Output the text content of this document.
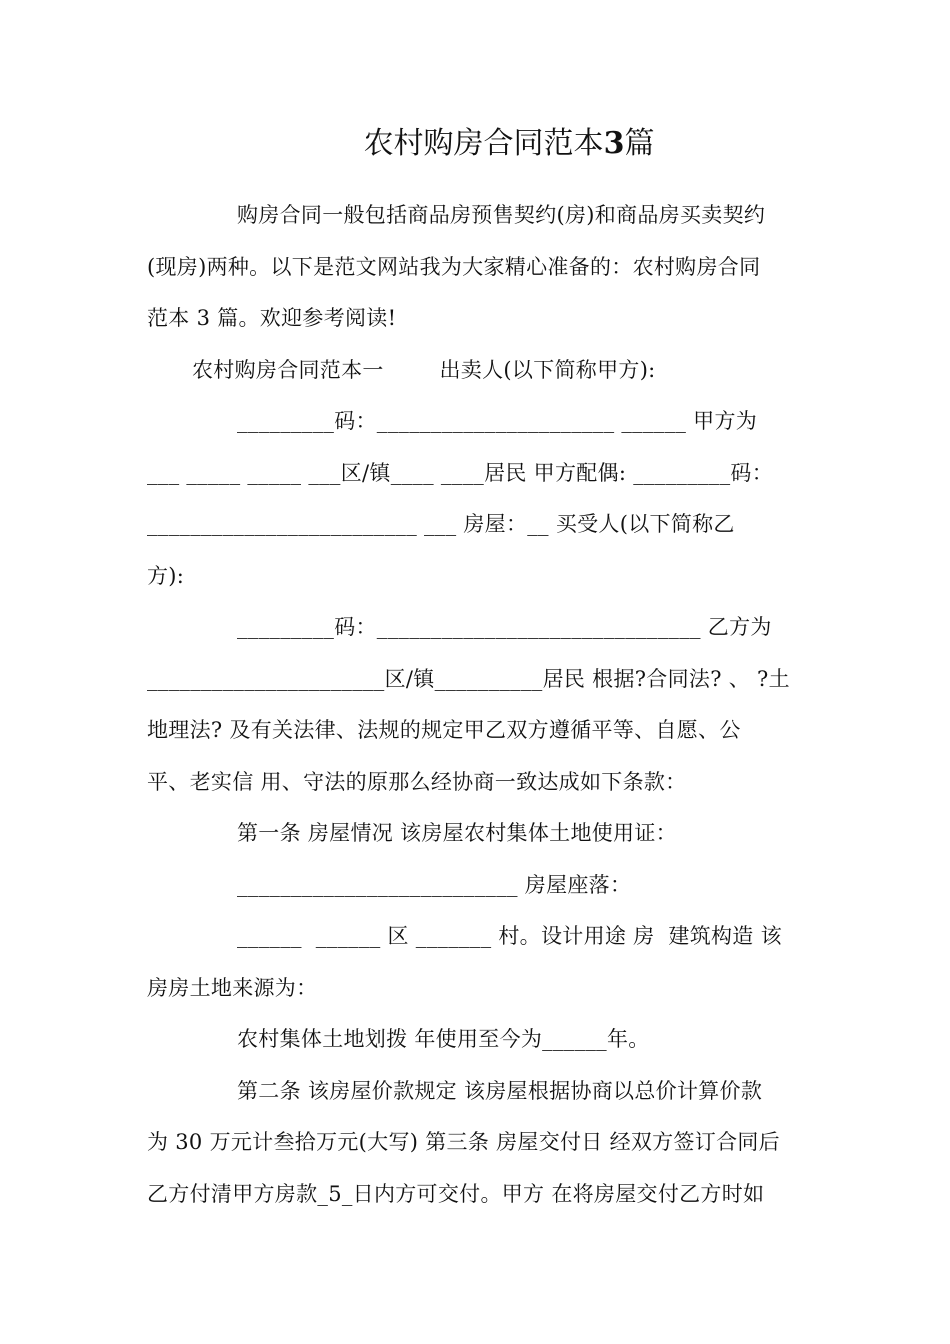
农村购房合同范本3篇
购房合同一般包括商品房预售契约(房)和商品房买卖契约
(现房)两种。以下是范文网站我为大家精心准备的：农村购房合同
范本 3 篇。欢迎参考阅读!
农村购房合同范本一        出卖人(以下简称甲方):
_________码：______________________ ______ 甲方为
___ _____ _____ ___区/镇____ ____居民 甲方配偶: _________码：
_________________________ ___ 房屋：__ 买受人(以下简称乙
方):
_________码：______________________________ 乙方为
______________________区/镇__________居民 根据?合同法? 、 ?土
地理法? 及有关法律、法规的规定甲乙双方遵循平等、自愿、公
平、老实信 用、守法的原那么经协商一致达成如下条款：
第一条 房屋情况 该房屋农村集体土地使用证：
__________________________ 房屋座落：
______  ______ 区 _______ 村。设计用途 房  建筑构造 该
房房土地来源为：
农村集体土地划拨 年使用至今为______年。
第二条 该房屋价款规定 该房屋根据协商以总价计算价款
为 30 万元计叁拾万元(大写) 第三条 房屋交付日 经双方签订合同后
乙方付清甲方房款_5_日内方可交付。甲方 在将房屋交付乙方时如
